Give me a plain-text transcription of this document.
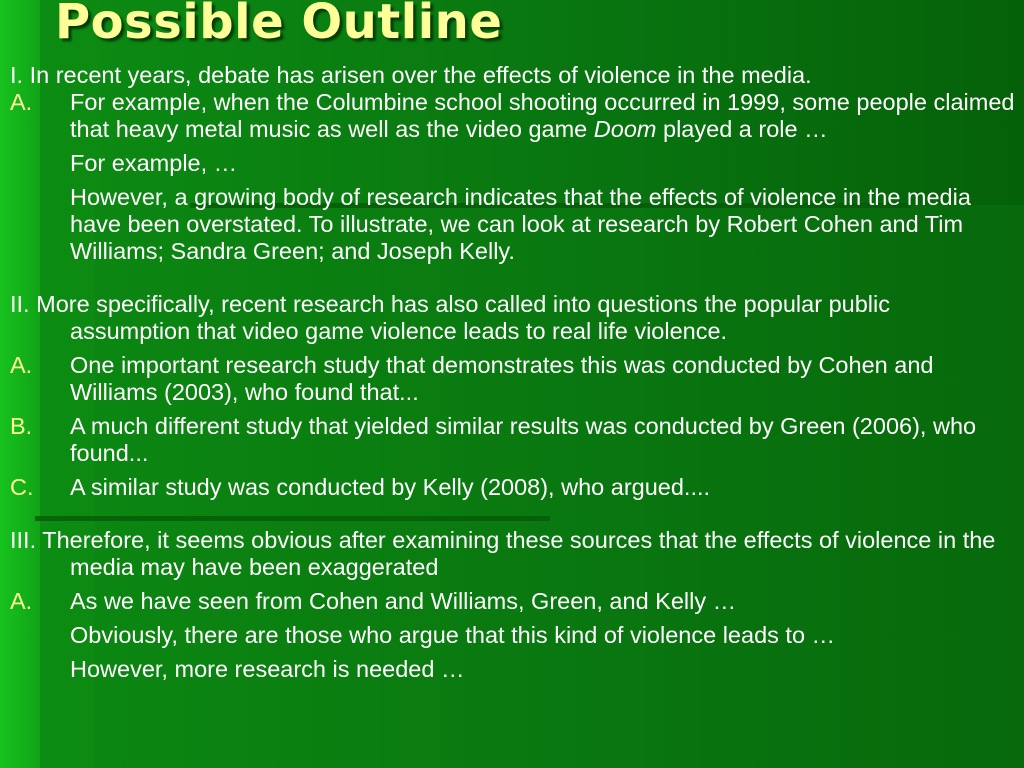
Possible Outline

I. In recent years, debate has arisen over the effects of violence in the media.

A.	For example, when the Columbine school shooting occurred in 1999, some people claimed that heavy metal music as well as the video game Doom played a role …

For example, …

However, a growing body of research indicates that the effects of violence in the media have been overstated. To illustrate, we can look at research by Robert Cohen and Tim Williams; Sandra Green; and Joseph Kelly.

II. More specifically, recent research has also called into questions the popular public assumption that video game violence leads to real life violence.

A.	One important research study that demonstrates this was conducted by Cohen and Williams (2003), who found that...
B.	A much different study that yielded similar results was conducted by Green (2006), who found...
C.	A similar study was conducted by Kelly (2008), who argued....

III. Therefore, it seems obvious after examining these sources that the effects of violence in the media may have been exaggerated

A.	As we have seen from Cohen and Williams, Green, and Kelly …

Obviously, there are those who argue that this kind of violence leads to …

However, more research is needed …
